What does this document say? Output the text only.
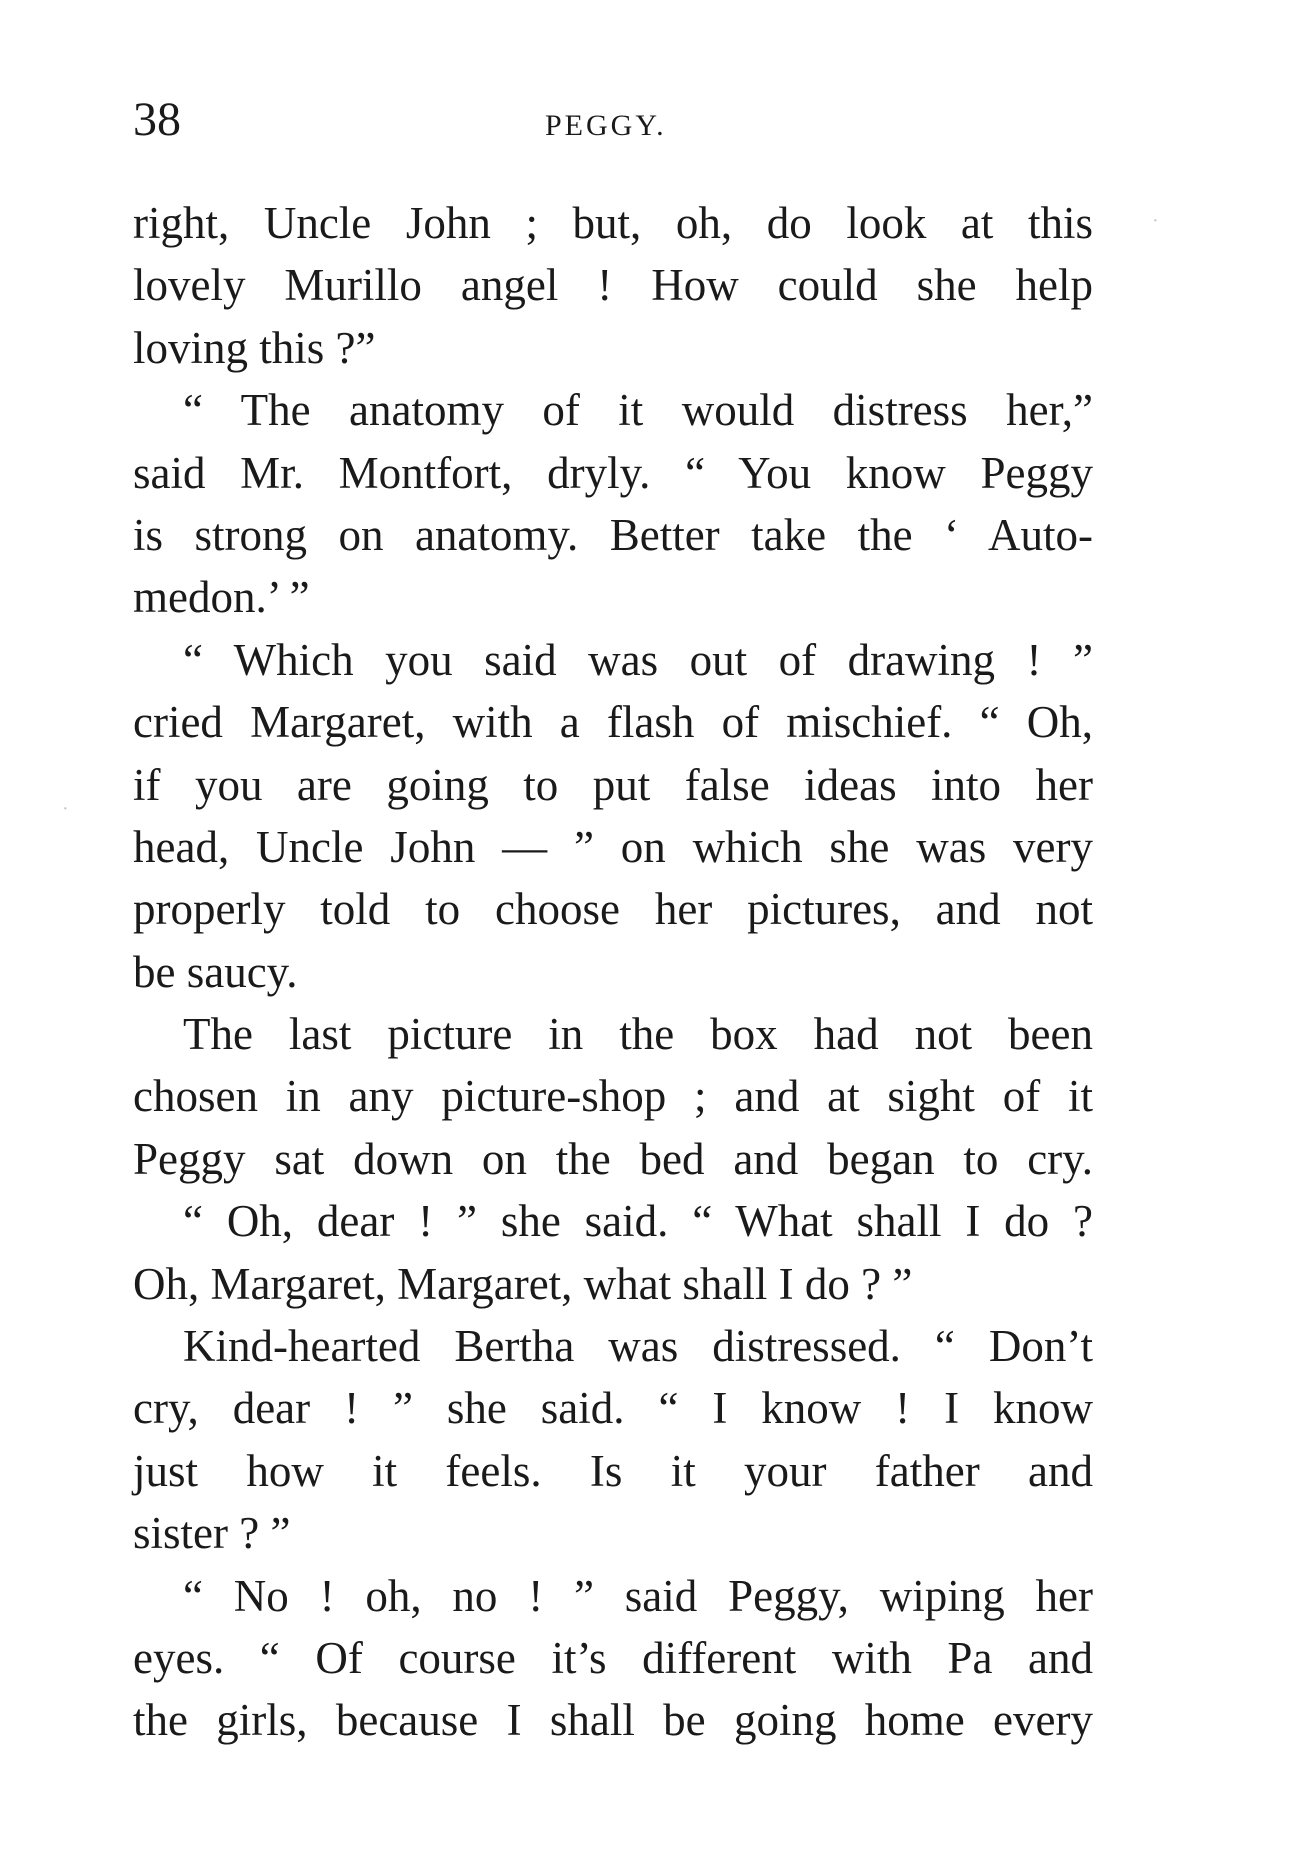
38	PEGGY.
right, Uncle John ; but, oh, do look at this
lovely Murillo angel ! How could she help
loving this ?”
“ The anatomy of it would distress her,”
said Mr. Montfort, dryly. “ You know Peggy
is strong on anatomy. Better take the ‘ Auto-
medon.’ ”
“ Which you said was out of drawing ! ”
cried Margaret, with a flash of mischief. “ Oh,
if you are going to put false ideas into her
head, Uncle John — ” on which she was very
properly told to choose her pictures, and not
be saucy.
The last picture in the box had not been
chosen in any picture-shop ; and at sight of it
Peggy sat down on the bed and began to cry.
“ Oh, dear ! ” she said. “ What shall I do ?
Oh, Margaret, Margaret, what shall I do ? ”
Kind-hearted Bertha was distressed. “ Don’t
cry, dear ! ” she said. “ I know ! I know
just how it feels. Is it your father and
sister ? ”
“ No ! oh, no ! ” said Peggy, wiping her
eyes. “ Of course it’s different with Pa and
the girls, because I shall be going home every
·
·
